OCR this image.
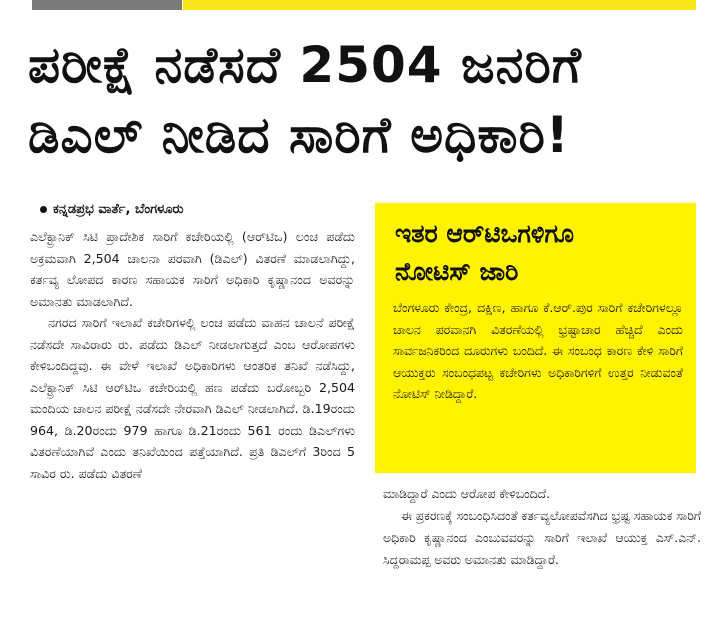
ಪರೀಕ್ಷೆ ನಡೆಸದೆ 2504 ಜನರಿಗೆ
ಡಿಎಲ್ ನೀಡಿದ ಸಾರಿಗೆ ಅಧಿಕಾರಿ!
ಕನ್ನಡಪ್ರಭ ವಾರ್ತೆ, ಬೆಂಗಳೂರು

ಎಲೆಕ್ಟ್ರಾನಿಕ್ ಸಿಟಿ ಪ್ರಾದೇಶಿಕ ಸಾರಿಗೆ ಕಚೇರಿಯಲ್ಲಿ (ಆರ್‌ಟಿಒ) ಲಂಚ ಪಡೆದು ಅಕ್ರಮವಾಗಿ 2,504 ಚಾಲನಾ ಪರವಾಗಿ (ಡಿಎಲ್) ವಿತರಣೆ ಮಾಡಲಾಗಿದ್ದು, ಕರ್ತವ್ಯ ಲೋಪದ ಕಾರಣ ಸಹಾಯಕ ಸಾರಿಗೆ ಅಧಿಕಾರಿ ಕೃಷ್ಣಾನಂದ ಅವರನ್ನು ಅಮಾನತು ಮಾಡಲಾಗಿದೆ.

ನಗರದ ಸಾರಿಗೆ ಇಲಾಖೆ ಕಚೇರಿಗಳಲ್ಲಿ ಲಂಚ ಪಡೆದು ವಾಹನ ಚಾಲನೆ ಪರೀಕ್ಷೆ ನಡೆಸದೇ ಸಾವಿರಾರು ರು. ಪಡೆದು ಡಿಎಲ್ ನೀಡಲಾಗುತ್ತದೆ ಎಂಬ ಆರೋಪಗಳು ಕೇಳಿಬಂದಿದ್ದವು. ಈ ವೇಳೆ ಇಲಾಖೆ ಅಧಿಕಾರಿಗಳು ಆಂತರಿಕ ತನಿಖೆ ನಡೆಸಿದ್ದು, ಎಲೆಕ್ಟ್ರಾನಿಕ್ ಸಿಟಿ ಆರ್‌ಟಿಒ ಕಚೇರಿಯಲ್ಲಿ ಹಣ ಪಡೆದು ಬರೋಬ್ಬರಿ 2,504 ಮಂದಿಯ ಚಾಲನ ಪರೀಕ್ಷೆ ನಡೆಸದೇ ನೇರವಾಗಿ ಡಿಎಲ್ ನೀಡಲಾಗಿದೆ. ಡಿ.19ರಂದು 964, ಡಿ.20ರಂದು 979 ಹಾಗೂ ಡಿ.21ರಂದು 561 ರಂದು ಡಿಎಲ್‌ಗಳು ವಿತರಣೆಯಾಗಿವೆ ಎಂದು ತನಿಖೆಯಿಂದ ಪತ್ತೆಯಾಗಿದೆ. ಪ್ರತಿ ಡಿಎಲ್‌ಗೆ 3ರಿಂದ 5 ಸಾವಿರ ರು. ಪಡೆದು ವಿತರಣೆ

ಇತರ ಆರ್‌ಟಿಒಗಳಿಗೂ
ನೋಟಿಸ್ ಜಾರಿ

ಬೆಂಗಳೂರು ಕೇಂದ್ರ, ದಕ್ಷಿಣ, ಹಾಗೂ ಕೆ.ಆರ್.ಪುರ ಸಾರಿಗೆ ಕಚೇರಿಗಳಲ್ಲೂ ಚಾಲನ ಪರವಾನಗಿ ವಿತರಣೆಯಲ್ಲಿ ಭ್ರಷ್ಟಾಚಾರ ಹೆಚ್ಚಿದೆ ಎಂದು ಸಾರ್ವಜನಿಕರಿಂದ ದೂರುಗಳು ಬಂದಿದೆ. ಈ ಸಂಬಂಧ ಕಾರಣ ಕೇಳಿ ಸಾರಿಗೆ ಆಯುಕ್ತರು ಸಂಬಂಧಪಟ್ಟ ಕಚೇರಿಗಳು ಅಧಿಕಾರಿಗಳಿಗೆ ಉತ್ತರ ನೀಡುವಂತೆ ನೋಟಿಸ್ ನೀಡಿದ್ದಾರೆ.

ಮಾಡಿದ್ದಾರೆ ಎಂದು ಆರೋಪ ಕೇಳಿಬಂದಿದೆ.

ಈ ಪ್ರಕರಣಕ್ಕೆ ಸಂಬಂಧಿಸಿದಂತೆ ಕರ್ತವ್ಯಲೋಪವೆಸಗಿದ ಭ್ರಷ್ಟ ಸಹಾಯಕ ಸಾರಿಗೆ ಅಧಿಕಾರಿ ಕೃಷ್ಣಾನಂದ ಎಂಬುವವರನ್ನು ಸಾರಿಗೆ ಇಲಾಖೆ ಆಯುಕ್ತ ಎಸ್.ಎನ್. ಸಿದ್ದರಾಮಪ್ಪ ಅವರು ಅಮಾನತು ಮಾಡಿದ್ದಾರೆ.
